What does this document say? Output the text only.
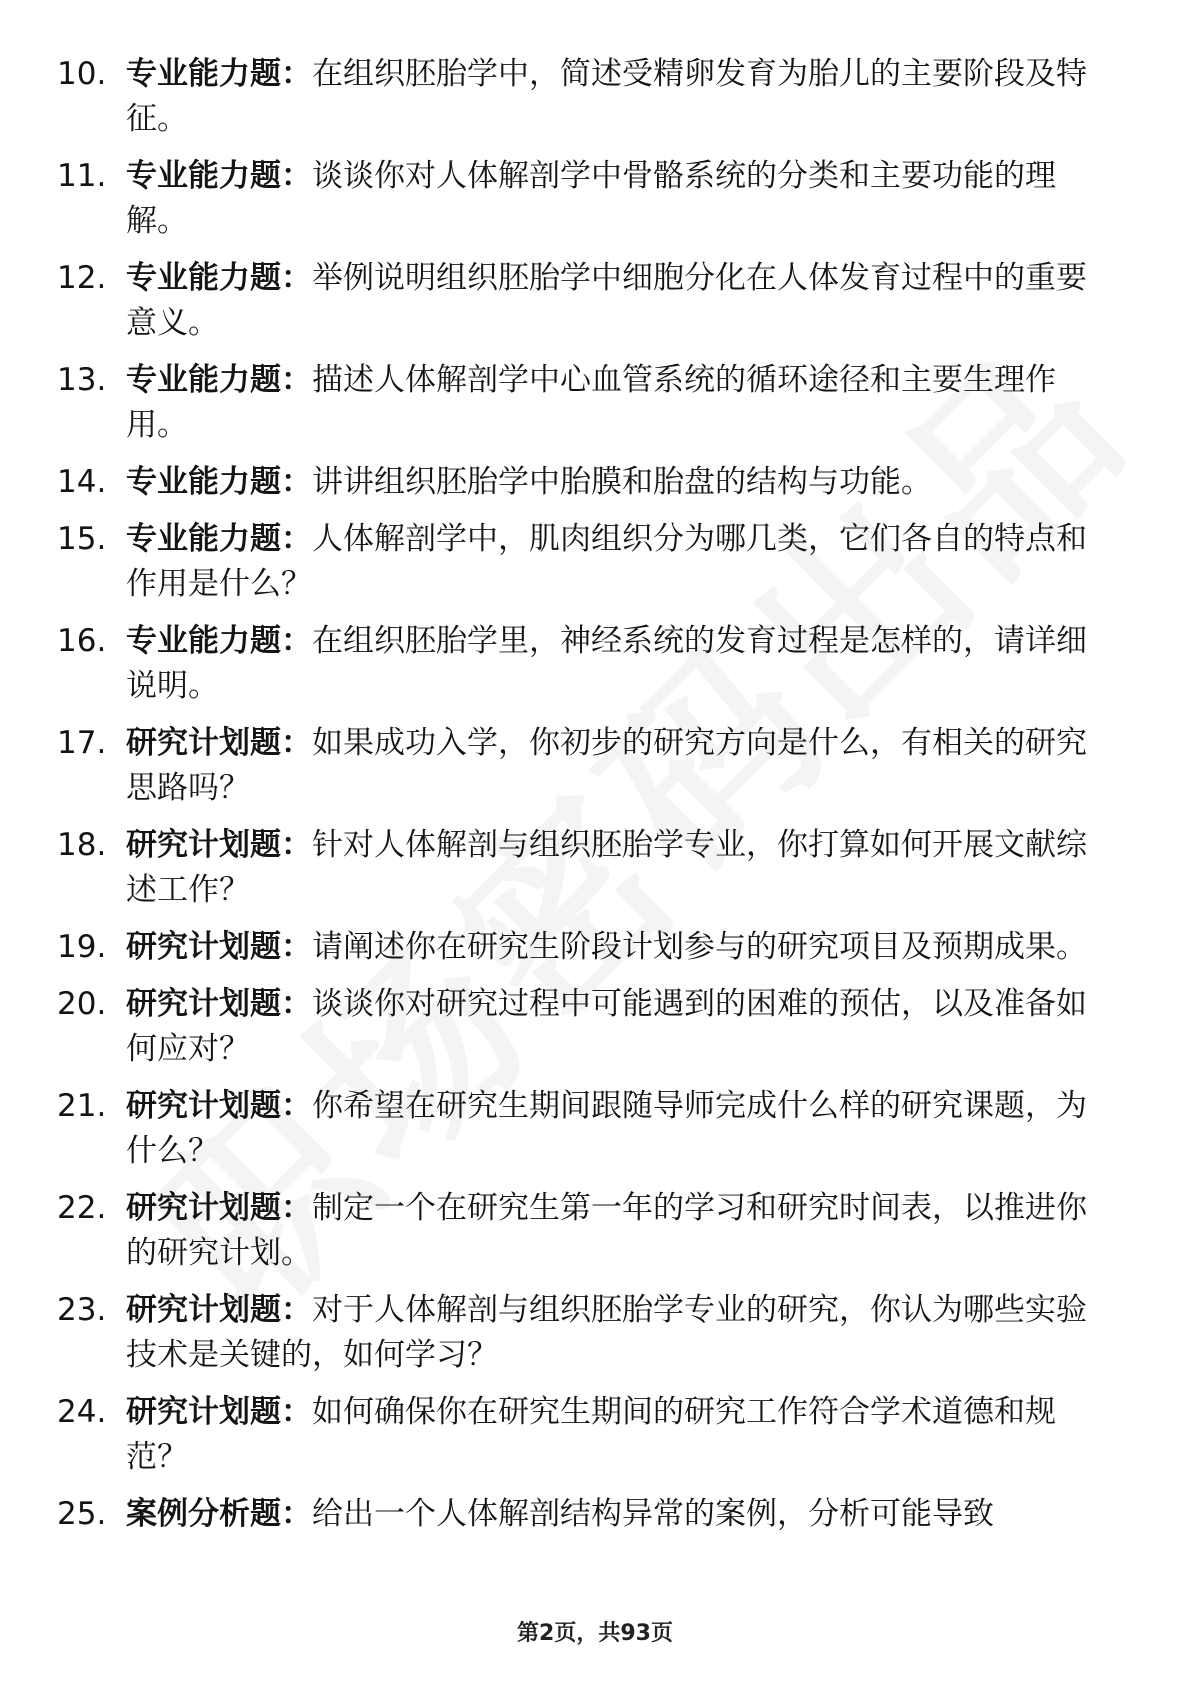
10. 专业能力题：在组织胚胎学中，简述受精卵发育为胎儿的主要阶段及特征。
11. 专业能力题：谈谈你对人体解剖学中骨骼系统的分类和主要功能的理解。
12. 专业能力题：举例说明组织胚胎学中细胞分化在人体发育过程中的重要意义。
13. 专业能力题：描述人体解剖学中心血管系统的循环途径和主要生理作用。
14. 专业能力题：讲讲组织胚胎学中胎膜和胎盘的结构与功能。
15. 专业能力题：人体解剖学中，肌肉组织分为哪几类，它们各自的特点和作用是什么？
16. 专业能力题：在组织胚胎学里，神经系统的发育过程是怎样的，请详细说明。
17. 研究计划题：如果成功入学，你初步的研究方向是什么，有相关的研究思路吗？
18. 研究计划题：针对人体解剖与组织胚胎学专业，你打算如何开展文献综述工作？
19. 研究计划题：请阐述你在研究生阶段计划参与的研究项目及预期成果。
20. 研究计划题：谈谈你对研究过程中可能遇到的困难的预估，以及准备如何应对？
21. 研究计划题：你希望在研究生期间跟随导师完成什么样的研究课题，为什么？
22. 研究计划题：制定一个在研究生第一年的学习和研究时间表，以推进你的研究计划。
23. 研究计划题：对于人体解剖与组织胚胎学专业的研究，你认为哪些实验技术是关键的，如何学习？
24. 研究计划题：如何确保你在研究生期间的研究工作符合学术道德和规范？
25. 案例分析题：给出一个人体解剖结构异常的案例，分析可能导致
第2页，共93页
